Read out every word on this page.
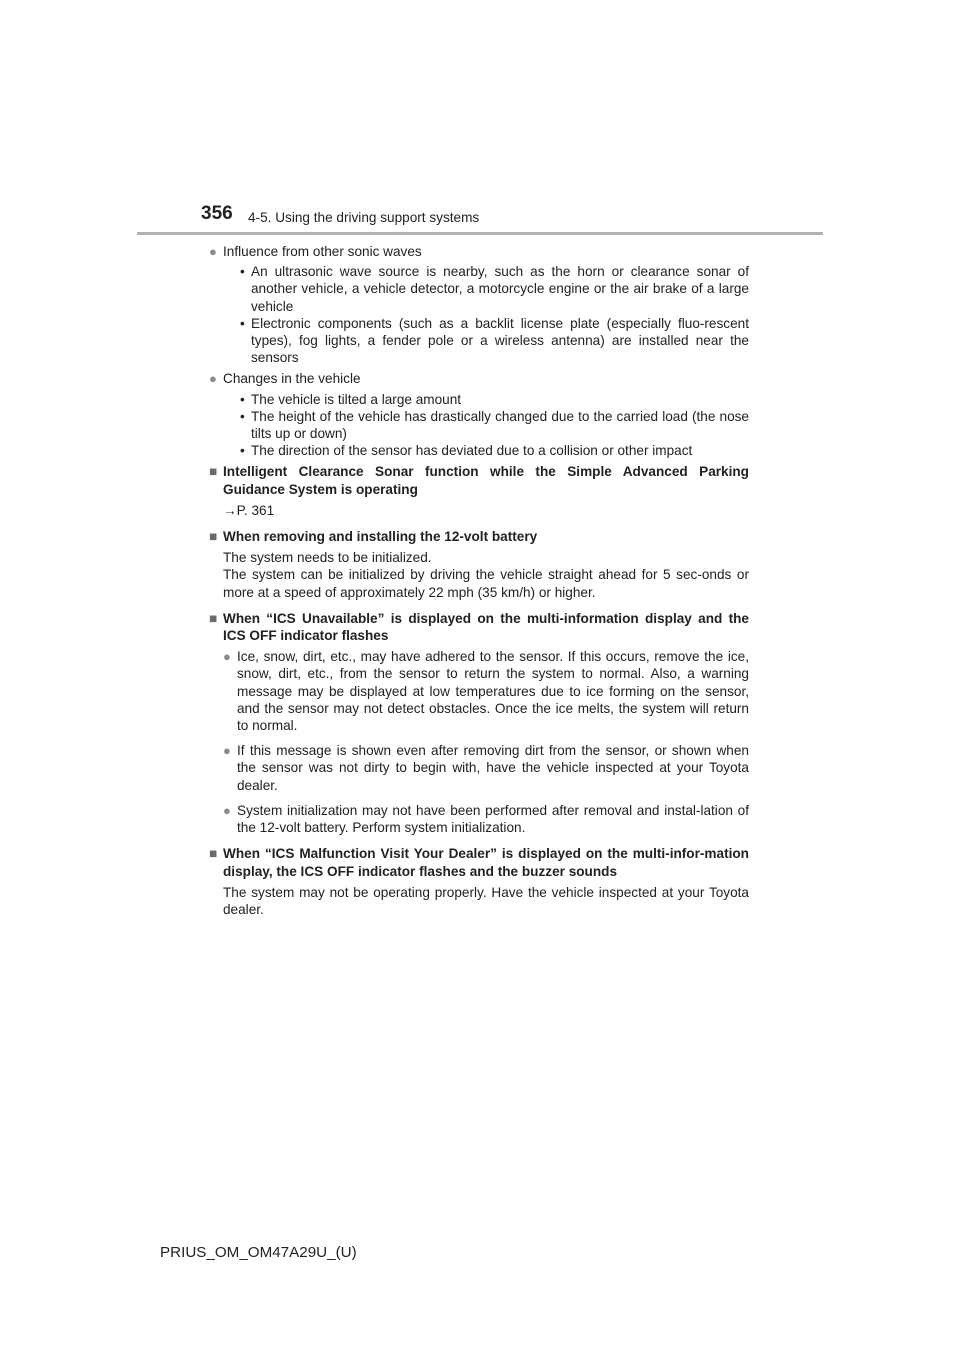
356 4-5. Using the driving support systems
● Influence from other sonic waves
• An ultrasonic wave source is nearby, such as the horn or clearance sonar of another vehicle, a vehicle detector, a motorcycle engine or the air brake of a large vehicle
• Electronic components (such as a backlit license plate (especially fluo-rescent types), fog lights, a fender pole or a wireless antenna) are installed near the sensors
● Changes in the vehicle
• The vehicle is tilted a large amount
• The height of the vehicle has drastically changed due to the carried load (the nose tilts up or down)
• The direction of the sensor has deviated due to a collision or other impact
■ Intelligent Clearance Sonar function while the Simple Advanced Parking Guidance System is operating
→P. 361
■ When removing and installing the 12-volt battery

The system needs to be initialized.

The system can be initialized by driving the vehicle straight ahead for 5 sec-onds or more at a speed of approximately 22 mph (35 km/h) or higher.

■ When “ICS Unavailable” is displayed on the multi-information display and the ICS OFF indicator flashes
● Ice, snow, dirt, etc., may have adhered to the sensor. If this occurs, remove the ice, snow, dirt, etc., from the sensor to return the system to normal. Also, a warning message may be displayed at low temperatures due to ice forming on the sensor, and the sensor may not detect obstacles. Once the ice melts, the system will return to normal.

● If this message is shown even after removing dirt from the sensor, or shown when the sensor was not dirty to begin with, have the vehicle inspected at your Toyota dealer.

● System initialization may not have been performed after removal and instal-lation of the 12-volt battery. Perform system initialization.

■ When “ICS Malfunction Visit Your Dealer” is displayed on the multi-infor-mation display, the ICS OFF indicator flashes and the buzzer sounds

The system may not be operating properly. Have the vehicle inspected at your Toyota dealer.

PRIUS_OM_OM47A29U_(U)
